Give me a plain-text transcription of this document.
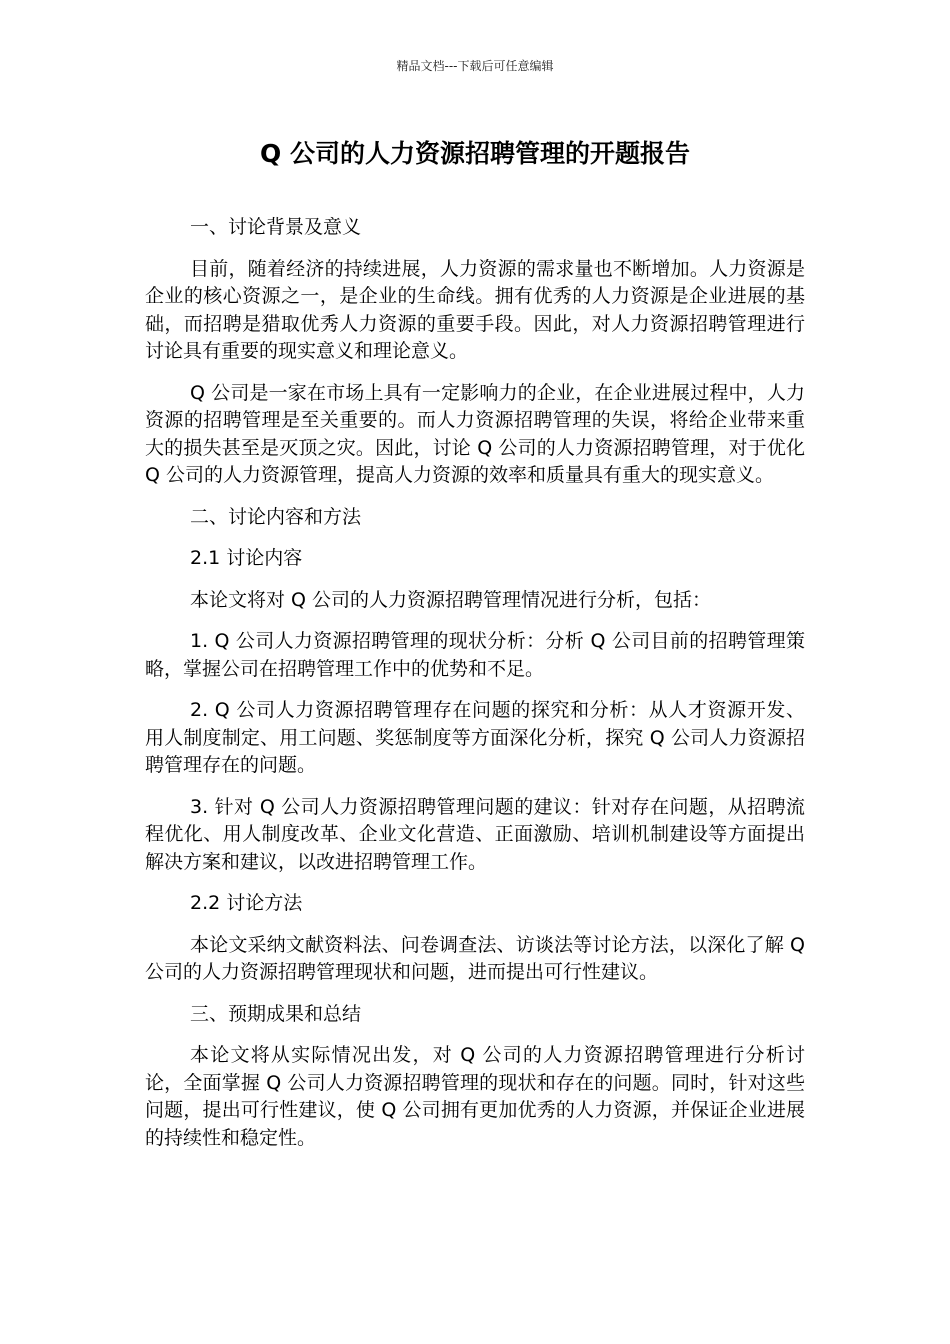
精品文档---下载后可任意编辑
Q 公司的人力资源招聘管理的开题报告

一、讨论背景及意义

目前，随着经济的持续进展，人力资源的需求量也不断增加。人力资源是企业的核心资源之一，是企业的生命线。拥有优秀的人力资源是企业进展的基础，而招聘是猎取优秀人力资源的重要手段。因此，对人力资源招聘管理进行讨论具有重要的现实意义和理论意义。

Q 公司是一家在市场上具有一定影响力的企业，在企业进展过程中，人力资源的招聘管理是至关重要的。而人力资源招聘管理的失误，将给企业带来重大的损失甚至是灭顶之灾。因此，讨论 Q 公司的人力资源招聘管理，对于优化 Q 公司的人力资源管理，提高人力资源的效率和质量具有重大的现实意义。

二、讨论内容和方法

2.1 讨论内容

本论文将对 Q 公司的人力资源招聘管理情况进行分析，包括：

1. Q 公司人力资源招聘管理的现状分析：分析 Q 公司目前的招聘管理策略，掌握公司在招聘管理工作中的优势和不足。

2. Q 公司人力资源招聘管理存在问题的探究和分析：从人才资源开发、用人制度制定、用工问题、奖惩制度等方面深化分析，探究 Q 公司人力资源招聘管理存在的问题。

3. 针对 Q 公司人力资源招聘管理问题的建议：针对存在问题，从招聘流程优化、用人制度改革、企业文化营造、正面激励、培训机制建设等方面提出解决方案和建议，以改进招聘管理工作。

2.2 讨论方法

本论文采纳文献资料法、问卷调查法、访谈法等讨论方法，以深化了解 Q 公司的人力资源招聘管理现状和问题，进而提出可行性建议。

三、预期成果和总结

本论文将从实际情况出发，对 Q 公司的人力资源招聘管理进行分析讨论，全面掌握 Q 公司人力资源招聘管理的现状和存在的问题。同时，针对这些问题，提出可行性建议，使 Q 公司拥有更加优秀的人力资源，并保证企业进展的持续性和稳定性。
